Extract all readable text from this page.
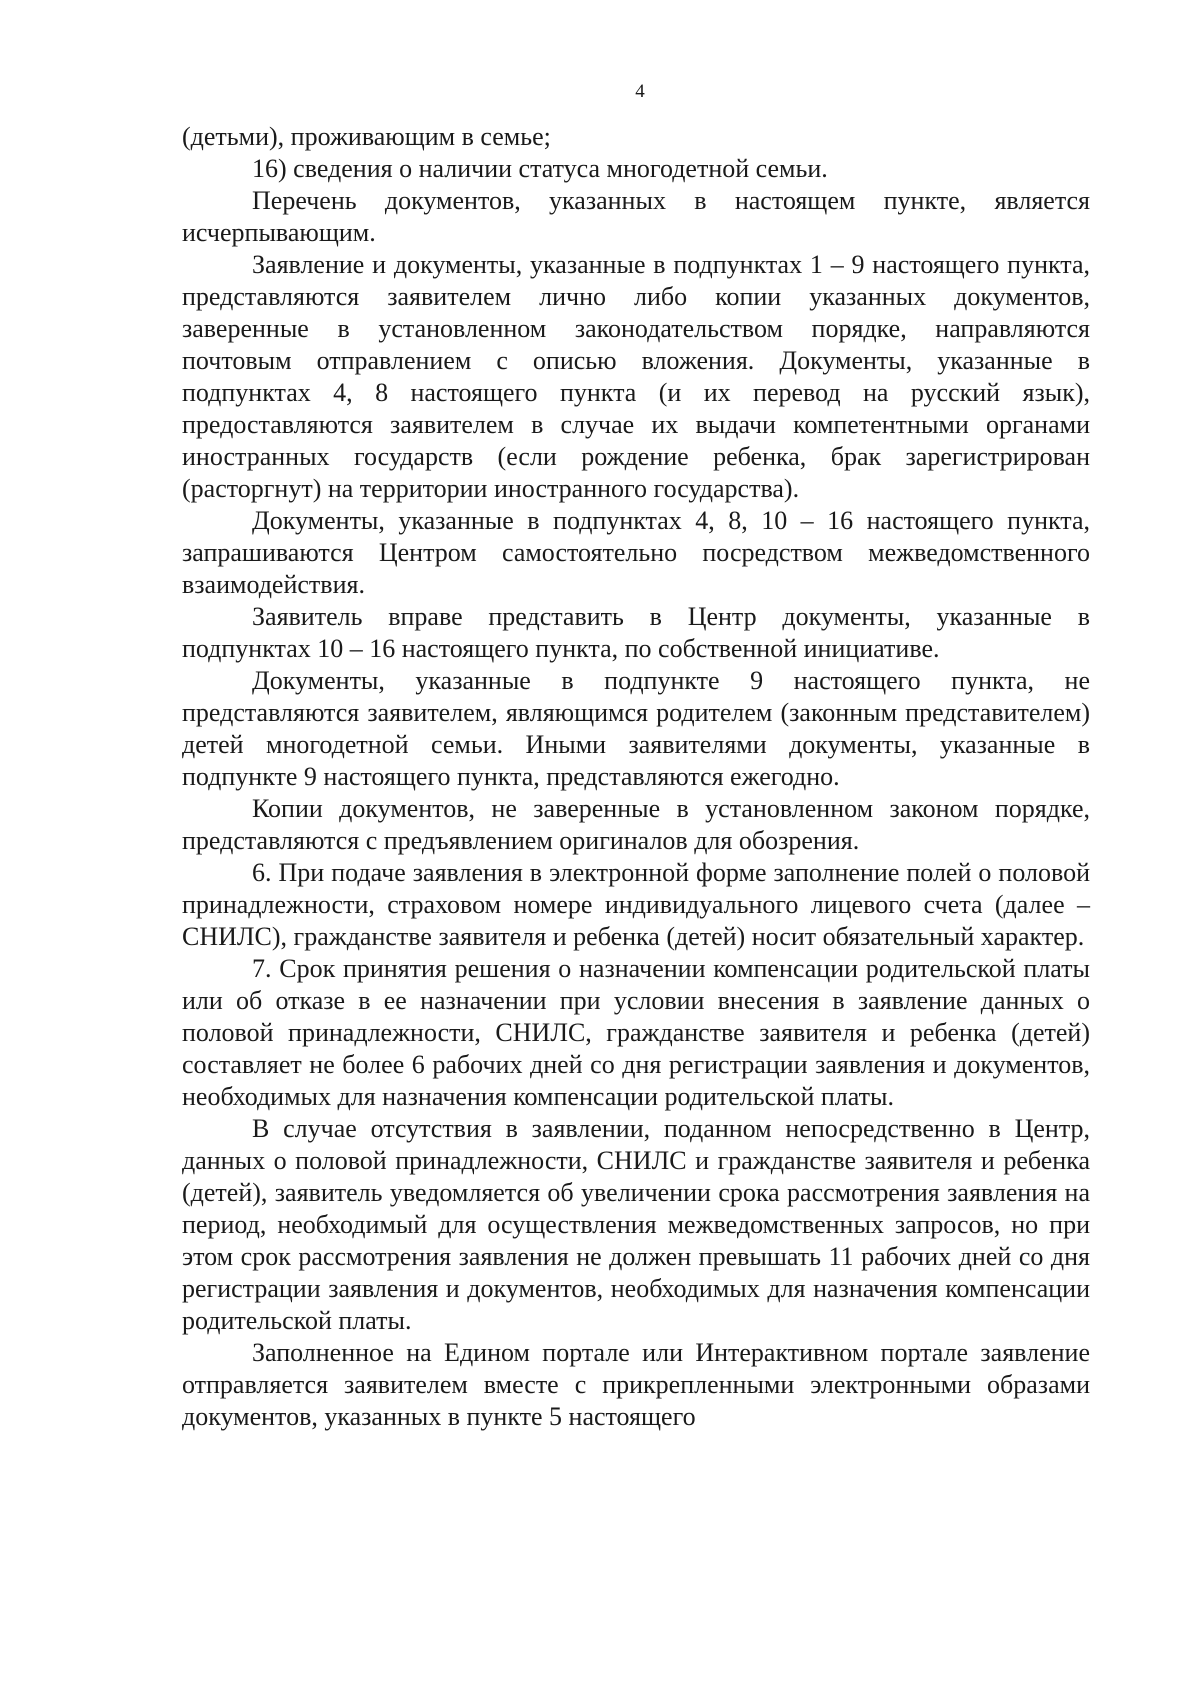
4

(детьми), проживающим в семье;

16) сведения о наличии статуса многодетной семьи.

Перечень документов, указанных в настоящем пункте, является исчерпывающим.

Заявление и документы, указанные в подпунктах 1 – 9 настоящего пункта, представляются заявителем лично либо копии указанных документов, заверенные в установленном законодательством порядке, направляются почтовым отправлением с описью вложения. Документы, указанные в подпунктах 4, 8 настоящего пункта (и их перевод на русский язык), предоставляются заявителем в случае их выдачи компетентными органами иностранных государств (если рождение ребенка, брак зарегистрирован (расторгнут) на территории иностранного государства).

Документы, указанные в подпунктах 4, 8, 10 – 16 настоящего пункта, запрашиваются Центром самостоятельно посредством межведомственного взаимодействия.

Заявитель вправе представить в Центр документы, указанные в подпунктах 10 – 16 настоящего пункта, по собственной инициативе.

Документы, указанные в подпункте 9 настоящего пункта, не представляются заявителем, являющимся родителем (законным представителем) детей многодетной семьи. Иными заявителями документы, указанные в подпункте 9 настоящего пункта, представляются ежегодно.

Копии документов, не заверенные в установленном законом порядке, представляются с предъявлением оригиналов для обозрения.

6. При подаче заявления в электронной форме заполнение полей о половой принадлежности, страховом номере индивидуального лицевого счета (далее – СНИЛС), гражданстве заявителя и ребенка (детей) носит обязательный характер.

7. Срок принятия решения о назначении компенсации родительской платы или об отказе в ее назначении при условии внесения в заявление данных о половой принадлежности, СНИЛС, гражданстве заявителя и ребенка (детей) составляет не более 6 рабочих дней со дня регистрации заявления и документов, необходимых для назначения компенсации родительской платы.

В случае отсутствия в заявлении, поданном непосредственно в Центр, данных о половой принадлежности, СНИЛС и гражданстве заявителя и ребенка (детей), заявитель уведомляется об увеличении срока рассмотрения заявления на период, необходимый для осуществления межведомственных запросов, но при этом срок рассмотрения заявления не должен превышать 11 рабочих дней со дня регистрации заявления и документов, необходимых для назначения компенсации родительской платы.

Заполненное на Едином портале или Интерактивном портале заявление отправляется заявителем вместе с прикрепленными электронными образами документов, указанных в пункте 5 настоящего
